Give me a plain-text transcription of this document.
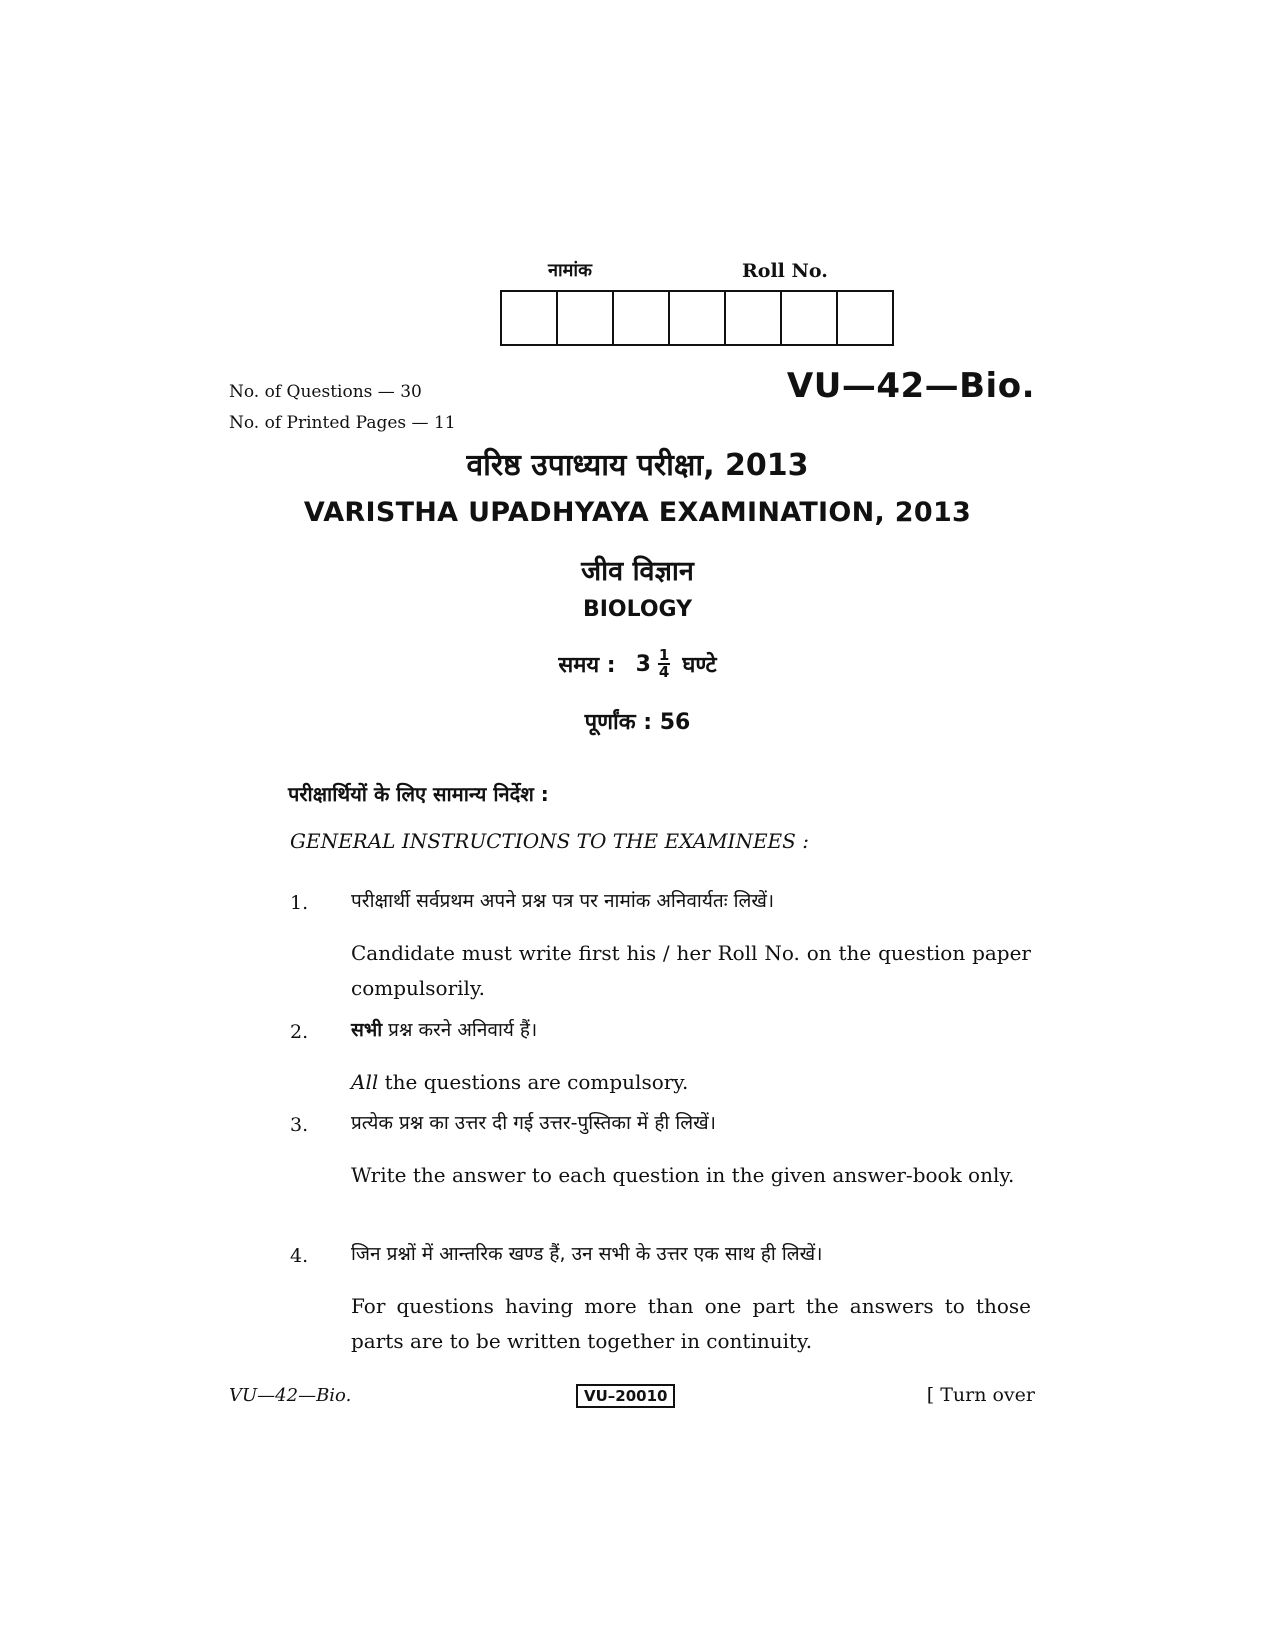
नामांक	Roll No.
VU—42—Bio.
No. of Questions — 30
No. of Printed Pages — 11
वरिष्ठ उपाध्याय परीक्षा, 2013
VARISTHA UPADHYAYA EXAMINATION, 2013
जीव विज्ञान
BIOLOGY
समय : $3 \frac{1}{4}$ घण्टे
पूर्णांक : 56
परीक्षार्थियों के लिए सामान्य निर्देश :
GENERAL INSTRUCTIONS TO THE EXAMINEES :
1. परीक्षार्थी सर्वप्रथम अपने प्रश्न पत्र पर नामांक अनिवार्यतः लिखें।
Candidate must write first his / her Roll No. on the question paper compulsorily.
2. सभी प्रश्न करने अनिवार्य हैं।
All the questions are compulsory.
3. प्रत्येक प्रश्न का उत्तर दी गई उत्तर-पुस्तिका में ही लिखें।
Write the answer to each question in the given answer-book only.
4. जिन प्रश्नों में आन्तरिक खण्ड हैं, उन सभी के उत्तर एक साथ ही लिखें।
For questions having more than one part the answers to those parts are to be written together in continuity.
VU—42—Bio.	VU–20010	[ Turn over
